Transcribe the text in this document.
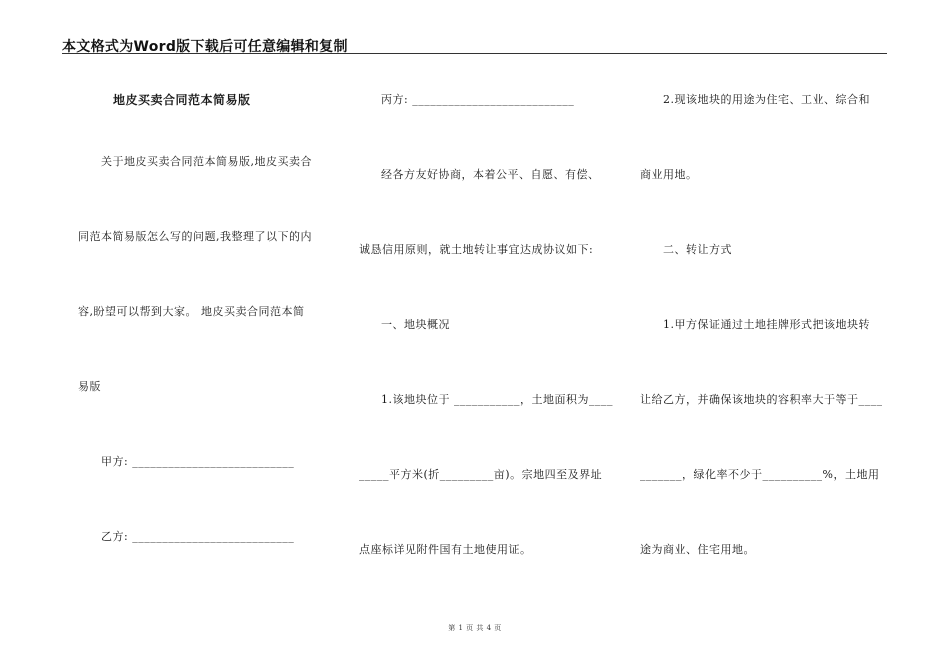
本文格式为Word版下载后可任意编辑和复制
地皮买卖合同范本简易版
关于地皮买卖合同范本简易版,地皮买卖合
同范本简易版怎么写的问题,我整理了以下的内
容,盼望可以帮到大家。 地皮买卖合同范本简
易版
甲方: ___________________________
乙方: ___________________________
丙方: ___________________________
经各方友好协商，本着公平、自愿、有偿、
诚恳信用原则，就土地转让事宜达成协议如下:
一、地块概况
1.该地块位于 ___________，土地面积为____
_____平方米(折_________亩)。宗地四至及界址
点座标详见附件国有土地使用证。
2.现该地块的用途为住宅、工业、综合和
商业用地。
二、转让方式
1.甲方保证通过土地挂牌形式把该地块转
让给乙方，并确保该地块的容积率大于等于____
_______，绿化率不少于__________%，土地用
途为商业、住宅用地。
第 1 页 共 4 页
